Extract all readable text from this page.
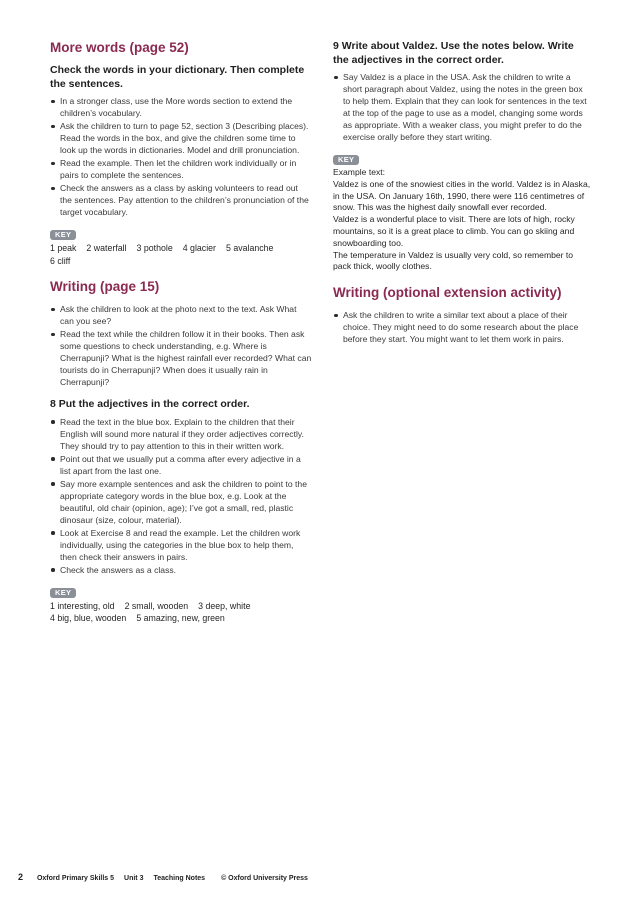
More words (page 52)
Check the words in your dictionary. Then complete the sentences.
In a stronger class, use the More words section to extend the children’s vocabulary.
Ask the children to turn to page 52, section 3 (Describing places). Read the words in the box, and give the children some time to look up the words in dictionaries. Model and drill pronunciation.
Read the example. Then let the children work individually or in pairs to complete the sentences.
Check the answers as a class by asking volunteers to read out the sentences. Pay attention to the children’s pronunciation of the target vocabulary.
KEY
1 peak 2 waterfall 3 pothole 4 glacier 5 avalanche
6 cliff
Writing (page 15)
Ask the children to look at the photo next to the text. Ask What can you see?
Read the text while the children follow it in their books. Then ask some questions to check understanding, e.g. Where is Cherrapunji? What is the highest rainfall ever recorded? What can tourists do in Cherrapunji? When does it usually rain in Cherrapunji?
8 Put the adjectives in the correct order.
Read the text in the blue box. Explain to the children that their English will sound more natural if they order adjectives correctly. They should try to pay attention to this in their written work.
Point out that we usually put a comma after every adjective in a list apart from the last one.
Say more example sentences and ask the children to point to the appropriate category words in the blue box, e.g. Look at the beautiful, old chair (opinion, age); I’ve got a small, red, plastic dinosaur (size, colour, material).
Look at Exercise 8 and read the example. Let the children work individually, using the categories in the blue box to help them, then check their answers in pairs.
Check the answers as a class.
KEY
1 interesting, old 2 small, wooden 3 deep, white
4 big, blue, wooden 5 amazing, new, green
9 Write about Valdez. Use the notes below. Write the adjectives in the correct order.
Say Valdez is a place in the USA. Ask the children to write a short paragraph about Valdez, using the notes in the green box to help them. Explain that they can look for sentences in the text at the top of the page to use as a model, changing some words as appropriate. With a weaker class, you might prefer to do the exercise orally before they start writing.
KEY
Example text:
Valdez is one of the snowiest cities in the world. Valdez is in Alaska, in the USA. On January 16th, 1990, there were 116 centimetres of snow. This was the highest daily snowfall ever recorded.
Valdez is a wonderful place to visit. There are lots of high, rocky mountains, so it is a great place to climb. You can go skiing and snowboarding too.
The temperature in Valdez is usually very cold, so remember to pack thick, woolly clothes.
Writing (optional extension activity)
Ask the children to write a similar text about a place of their choice. They might need to do some research about the place before they start. You might want to let them work in pairs.
2 Oxford Primary Skills 5 Unit 3 Teaching Notes © Oxford University Press
